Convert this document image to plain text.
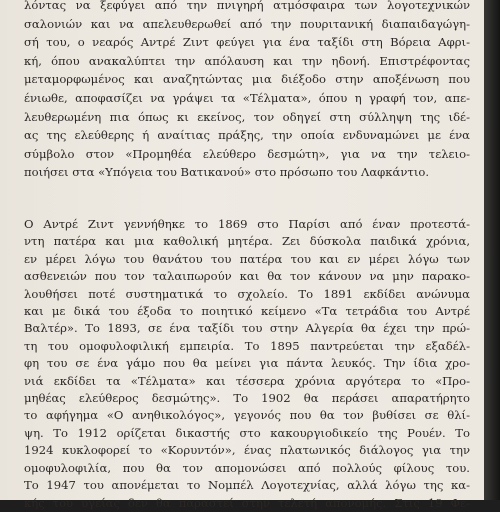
λόντας να ξεφύγει από την πνιγηρή ατμόσφαιρα των λογοτεχνικών
σαλονιών και να απελευθερωθεί από την πουριτανική διαπαιδαγώγη-
σή του, ο νεαρός Αντρέ Ζιντ φεύγει για ένα ταξίδι στη Βόρεια Αφρι-
κή, όπου ανακαλύπτει την απόλαυση και την ηδονή. Επιστρέφοντας
μεταμορφωμένος και αναζητώντας μια διέξοδο στην αποξένωση που
ένιωθε, αποφασίζει να γράψει τα «Τέλματα», όπου η γραφή τον, απε-
λευθερωμένη πια όπως κι εκείνος, τον οδηγεί στη σύλληψη της ιδέ-
ας της ελεύθερης ή αναίτιας πράξης, την οποία ενδυναμώνει με ένα
σύμβολο στον «Προμηθέα ελεύθερο δεσμώτη», για να την τελειο-
ποιήσει στα «Υπόγεια του Βατικανού» στο πρόσωπο του Λαφκάντιο.
Ο Αντρέ Ζιντ γεννήθηκε το 1869 στο Παρίσι από έναν προτεστά-
ντη πατέρα και μια καθολική μητέρα. Ζει δύσκολα παιδικά χρόνια,
εν μέρει λόγω του θανάτου του πατέρα του και εν μέρει λόγω των
ασθενειών που τον ταλαιπωρούν και θα τον κάνουν να μην παρακο-
λουθήσει ποτέ συστηματικά το σχολείο. Το 1891 εκδίδει ανώνυμα
και με δικά του έξοδα το ποιητικό κείμενο «Τα τετράδια του Αντρέ
Βαλτέρ». Το 1893, σε ένα ταξίδι του στην Αλγερία θα έχει την πρώ-
τη του ομοφυλοφιλική εμπειρία. Το 1895 παντρεύεται την εξαδέλ-
φη του σε ένα γάμο που θα μείνει για πάντα λευκός. Την ίδια χρο-
νιά εκδίδει τα «Τέλματα» και τέσσερα χρόνια αργότερα το «Προ-
μηθέας ελεύθερος δεσμώτης». Το 1902 θα περάσει απαρατήρητο
το αφήγημα «Ο ανηθικολόγος», γεγονός που θα τον βυθίσει σε θλί-
ψη. Το 1912 ορίζεται δικαστής στο κακουργιοδικείο της Ρουέν. Το
1924 κυκλοφορεί το «Κορυντόν», ένας πλατωνικός διάλογος για την
ομοφυλοφιλία, που θα τον απομονώσει από πολλούς φίλους του.
Το 1947 του απονέμεται το Νομπέλ Λογοτεχνίας, αλλά λόγω της κα-
κής του υγείας δεν θα παραστεί στην τελετή απονομής. Στις 19 Φε-
